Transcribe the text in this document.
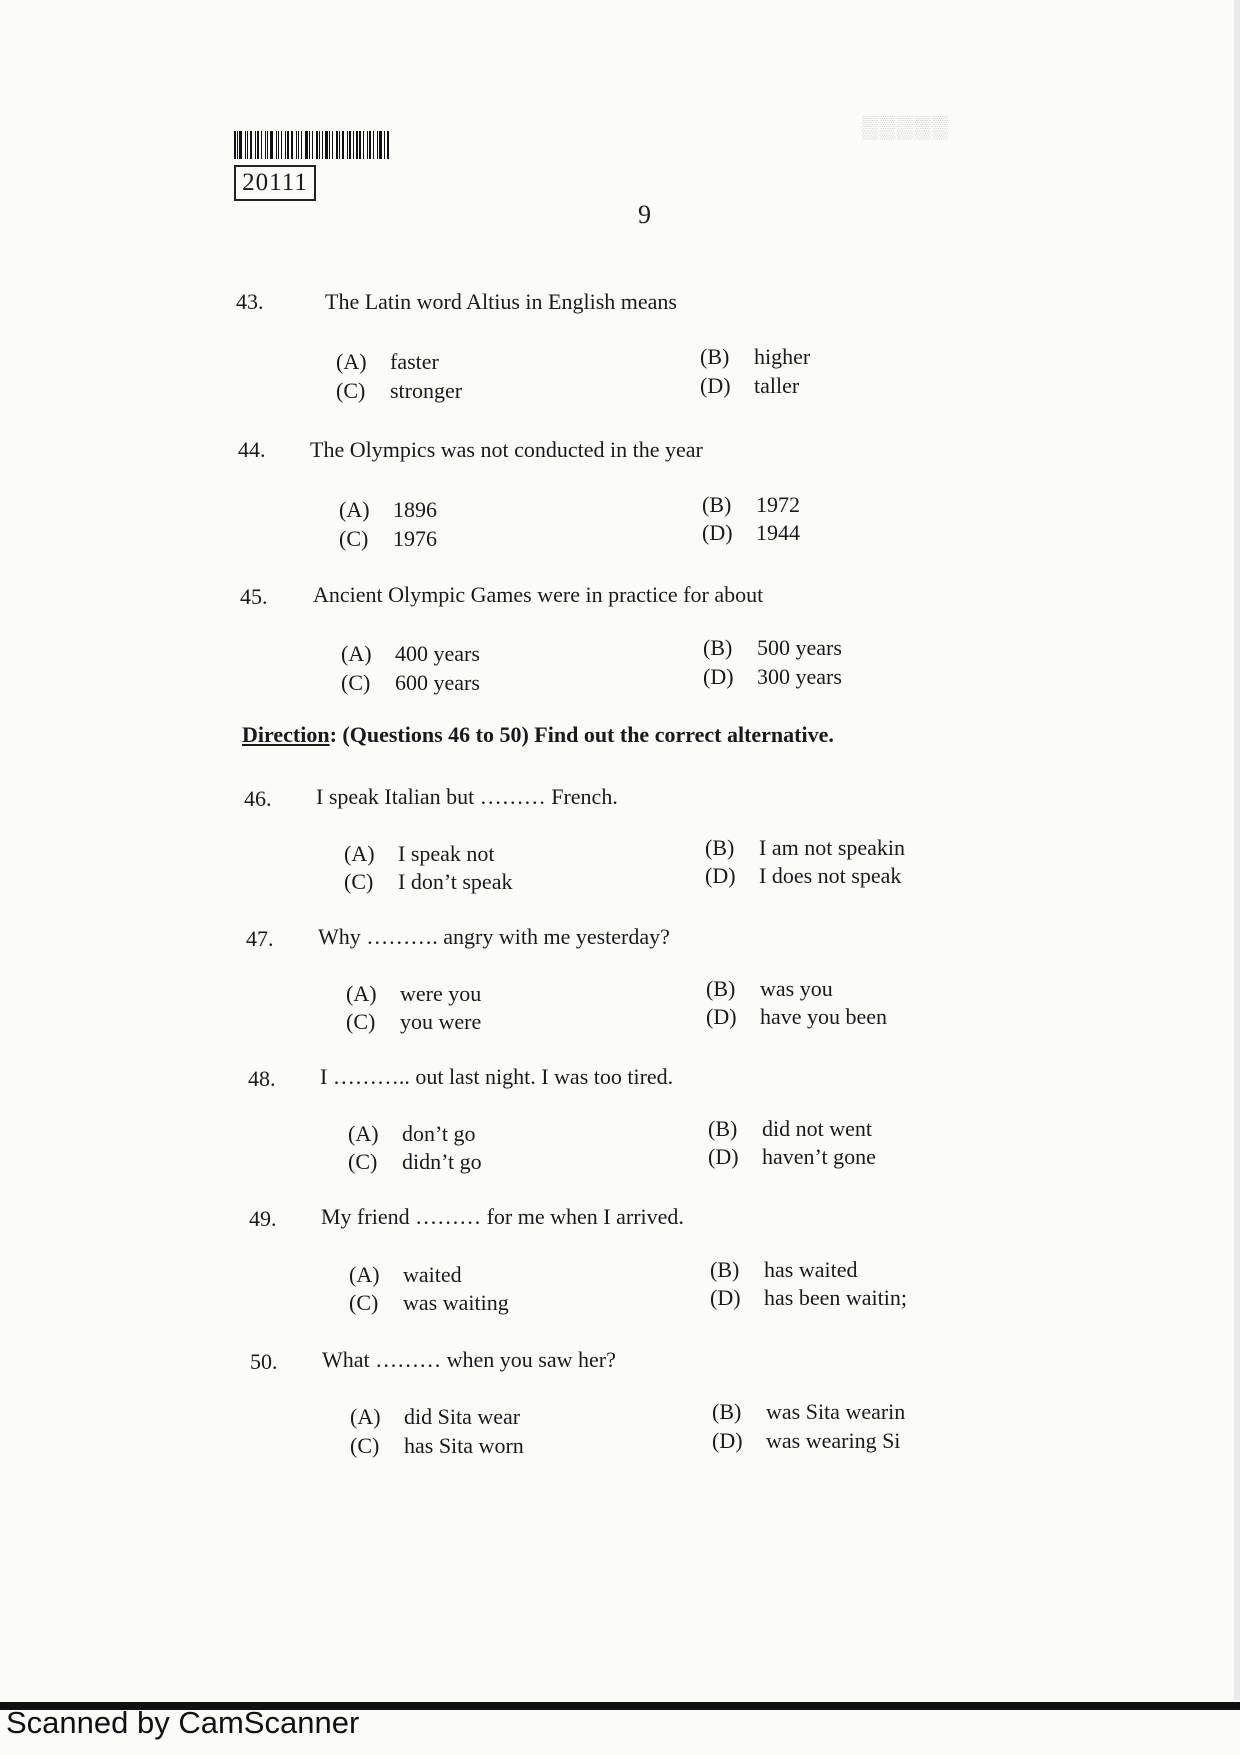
20111
9
▒▒▒▒▒
43.	The Latin word Altius in English means
(A) faster	(B) higher
(C) stronger	(D) taller
44. The Olympics was not conducted in the year
(A) 1896	(B) 1972
(C) 1976	(D) 1944
45. Ancient Olympic Games were in practice for about
(A) 400 years	(B) 500 years
(C) 600 years	(D) 300 years
Direction: (Questions 46 to 50) Find out the correct alternative.
46. I speak Italian but ……… French.
(A) I speak not	(B) I am not speakin
(C) I don’t speak	(D) I does not speak
47. Why ………. angry with me yesterday?
(A) were you	(B) was you
(C) you were	(D) have you been
48. I ……….. out last night. I was too tired.
(A) don’t go	(B) did not went
(C) didn’t go	(D) haven’t gone
49. My friend ……… for me when I arrived.
(A) waited	(B) has waited
(C) was waiting	(D) has been waitin;
50. What ……… when you saw her?
(A) did Sita wear	(B) was Sita wearin
(C) has Sita worn	(D) was wearing Si
Scanned by CamScanner
